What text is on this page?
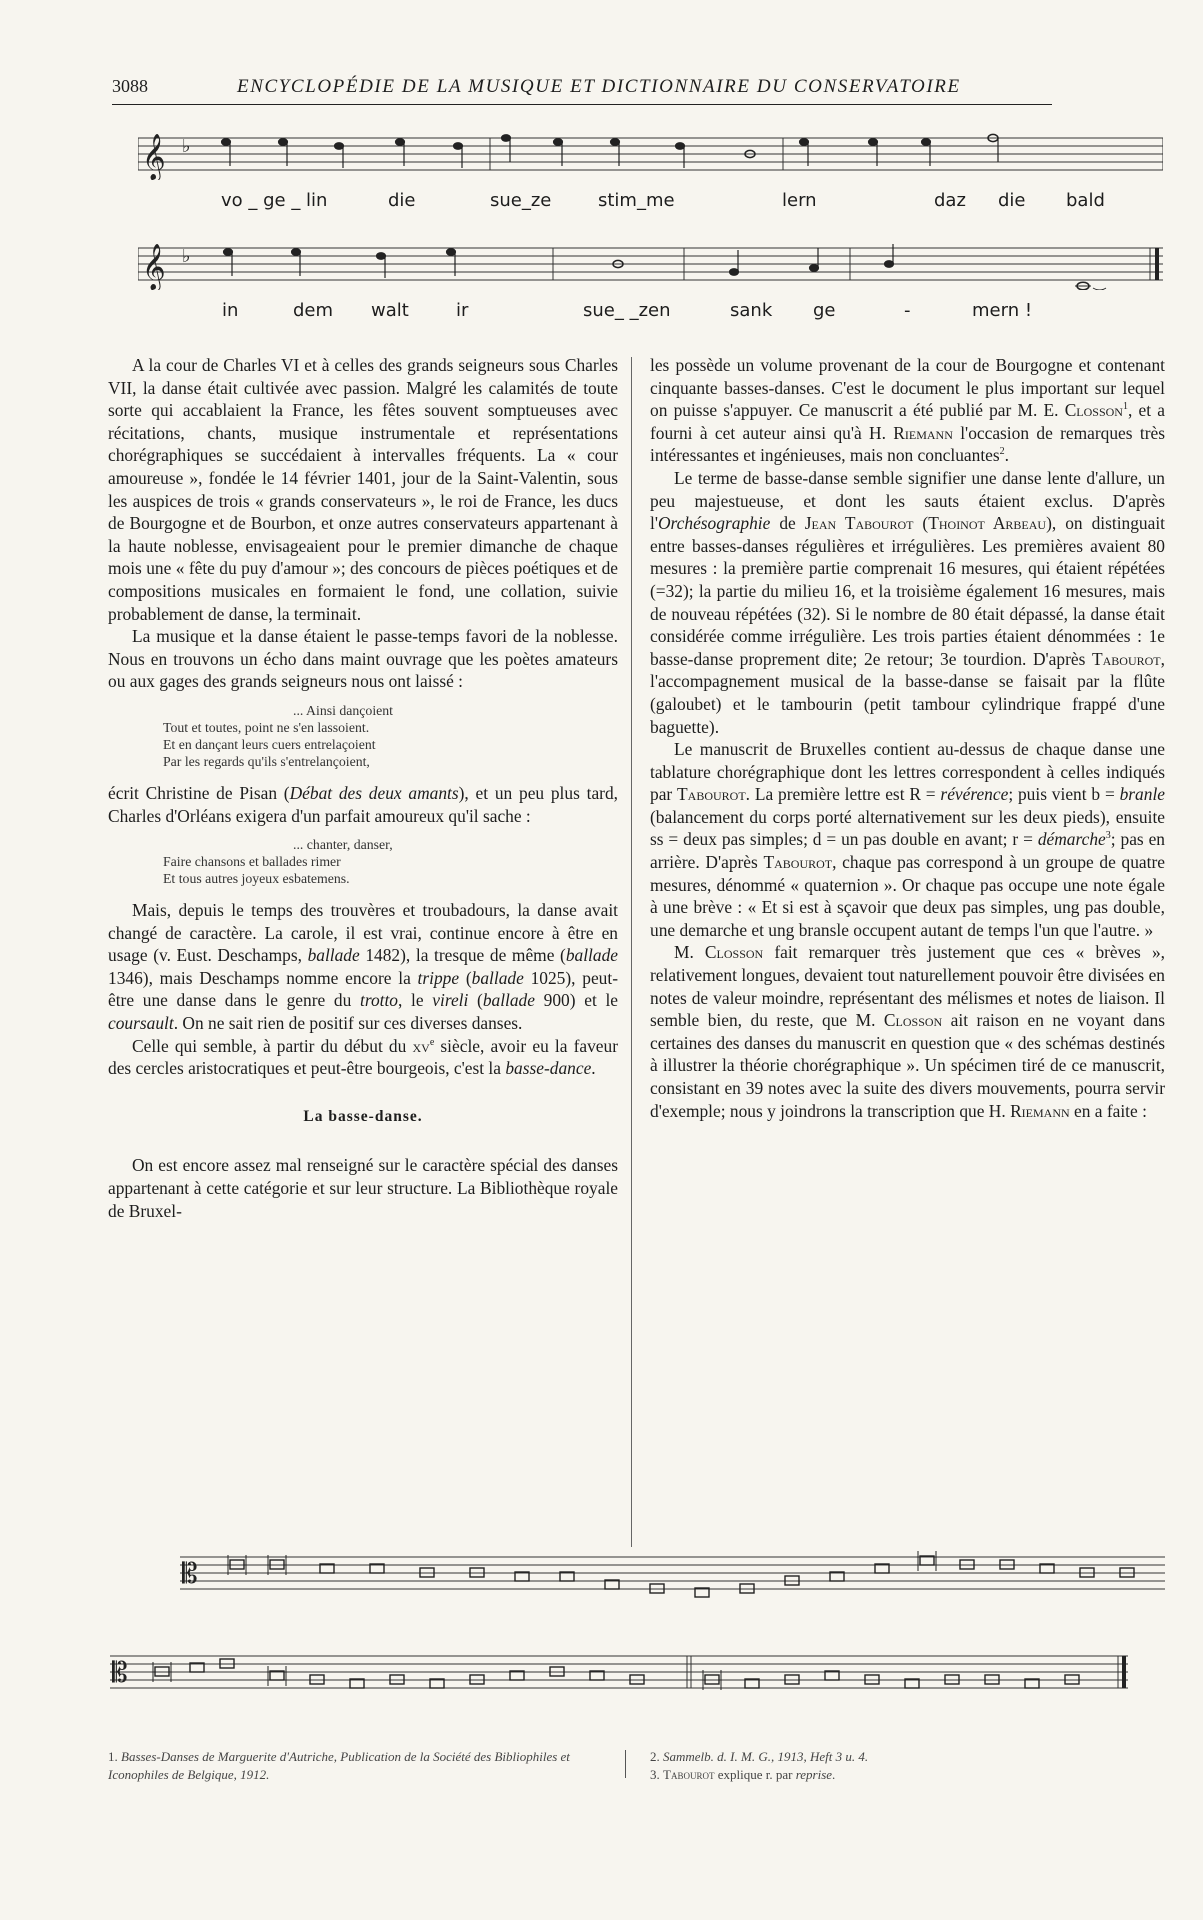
3088	ENCYCLOPÉDIE DE LA MUSIQUE ET DICTIONNAIRE DU CONSERVATOIRE
𝄞 ♭
vo _ ge _ lin	die	sue_ze	stim_me	lern	daz die bald
𝄞 ♭
in	dem walt	ir	sue_ _zen	sank ge	-	mern !

A la cour de Charles VI et à celles des grands seigneurs sous Charles VII, la danse était cultivée avec passion. Malgré les calamités de toute sorte qui accablaient la France, les fêtes souvent somptueuses avec récitations, chants, musique instrumentale et représentations chorégraphiques se succédaient à intervalles fréquents. La « cour amoureuse », fondée le 14 février 1401, jour de la Saint-Valentin, sous les auspices de trois « grands conservateurs », le roi de France, les ducs de Bourgogne et de Bourbon, et onze autres conservateurs appartenant à la haute noblesse, envisageaient pour le premier dimanche de chaque mois une « fête du puy d'amour »; des concours de pièces poétiques et de compositions musicales en formaient le fond, une collation, suivie probablement de danse, la terminait.

La musique et la danse étaient le passe-temps favori de la noblesse. Nous en trouvons un écho dans maint ouvrage que les poètes amateurs ou aux gages des grands seigneurs nous ont laissé :

... Ainsi dançoient
Tout et toutes, point ne s'en lassoient.
Et en dançant leurs cuers entrelaçoient
Par les regards qu'ils s'entrelançoient,

écrit Christine de Pisan (Débat des deux amants), et un peu plus tard, Charles d'Orléans exigera d'un parfait amoureux qu'il sache :

... chanter, danser,
Faire chansons et ballades rimer
Et tous autres joyeux esbatemens.

Mais, depuis le temps des trouvères et troubadours, la danse avait changé de caractère. La carole, il est vrai, continue encore à être en usage (v. Eust. Deschamps, ballade 1482), la tresque de même (ballade 1346), mais Deschamps nomme encore la trippe (ballade 1025), peut-être une danse dans le genre du trotto, le vireli (ballade 900) et le coursault. On ne sait rien de positif sur ces diverses danses.

Celle qui semble, à partir du début du $xv^e$ siècle, avoir eu la faveur des cercles aristocratiques et peut-être bourgeois, c'est la basse-dance.

La basse-danse.

On est encore assez mal renseigné sur le caractère spécial des danses appartenant à cette catégorie et sur leur structure. La Bibliothèque royale de Bruxel-

les possède un volume provenant de la cour de Bourgogne et contenant cinquante basses-danses. C'est le document le plus important sur lequel on puisse s'appuyer. Ce manuscrit a été publié par M. E. Closson$^1$, et a fourni à cet auteur ainsi qu'à H. Riemann l'occasion de remarques très intéressantes et ingénieuses, mais non concluantes$^2$.

Le terme de basse-danse semble signifier une danse lente d'allure, un peu majestueuse, et dont les sauts étaient exclus. D'après l'Orchésographie de Jean Tabourot (Thoinot Arbeau), on distinguait entre basses-danses régulières et irrégulières. Les premières avaient 80 mesures : la première partie comprenait 16 mesures, qui étaient répétées (=32); la partie du milieu 16, et la troisième également 16 mesures, mais de nouveau répétées (32). Si le nombre de 80 était dépassé, la danse était considérée comme irrégulière. Les trois parties étaient dénommées : 1e basse-danse proprement dite; 2e retour; 3e tourdion. D'après Tabourot, l'accompagnement musical de la basse-danse se faisait par la flûte (galoubet) et le tambourin (petit tambour cylindrique frappé d'une baguette).

Le manuscrit de Bruxelles contient au-dessus de chaque danse une tablature chorégraphique dont les lettres correspondent à celles indiqués par Tabourot. La première lettre est R = révérence; puis vient b = branle (balancement du corps porté alternativement sur les deux pieds), ensuite ss = deux pas simples; d = un pas double en avant; r = démarche$^3$; pas en arrière. D'après Tabourot, chaque pas correspond à un groupe de quatre mesures, dénommé « quaternion ». Or chaque pas occupe une note égale à une brève : « Et si est à sçavoir que deux pas simples, ung pas double, une demarche et ung bransle occupent autant de temps l'un que l'autre. »

M. Closson fait remarquer très justement que ces « brèves », relativement longues, devaient tout naturellement pouvoir être divisées en notes de valeur moindre, représentant des mélismes et notes de liaison. Il semble bien, du reste, que M. Closson ait raison en ne voyant dans certaines des danses du manuscrit en question que « des schémas destinés à illustrer la théorie chorégraphique ». Un spécimen tiré de ce manuscrit, consistant en 39 notes avec la suite des divers mouvements, pourra servir d'exemple; nous y joindrons la transcription que H. Riemann en a faite :

𝄡
𝄡
1. Basses-Danses de Marguerite d'Autriche, Publication de la Société des Bibliophiles et Iconophiles de Belgique, 1912.
2. Sammelb. d. I. M. G., 1913, Heft 3 u. 4.
3. Tabourot explique r. par reprise.
